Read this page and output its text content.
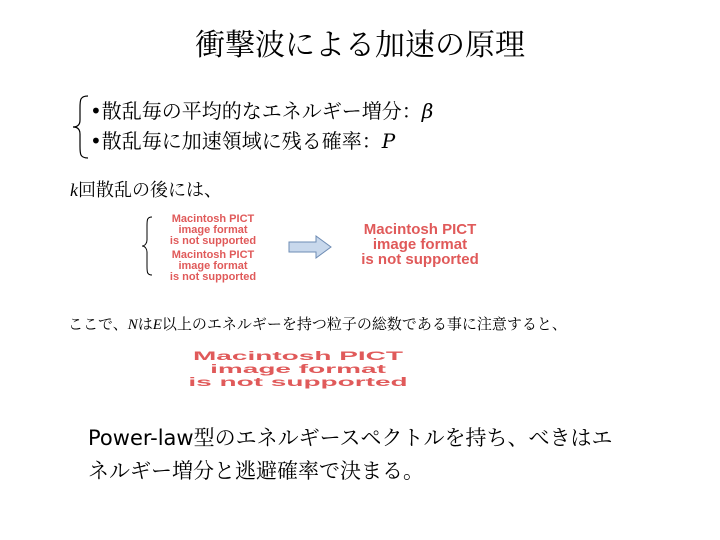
衝撃波による加速の原理
•散乱毎の平均的なエネルギー増分：β
•散乱毎に加速領域に残る確率：P
k回散乱の後には、
Macintosh PICT
image format
is not supported
Macintosh PICT
image format
is not supported
Macintosh PICT
image format
is not supported
ここで、NはE以上のエネルギーを持つ粒子の総数である事に注意すると、
Macintosh PICT
image format
is not supported
Power-law型のエネルギースペクトルを持ち、べきはエ
ネルギー増分と逃避確率で決まる。
